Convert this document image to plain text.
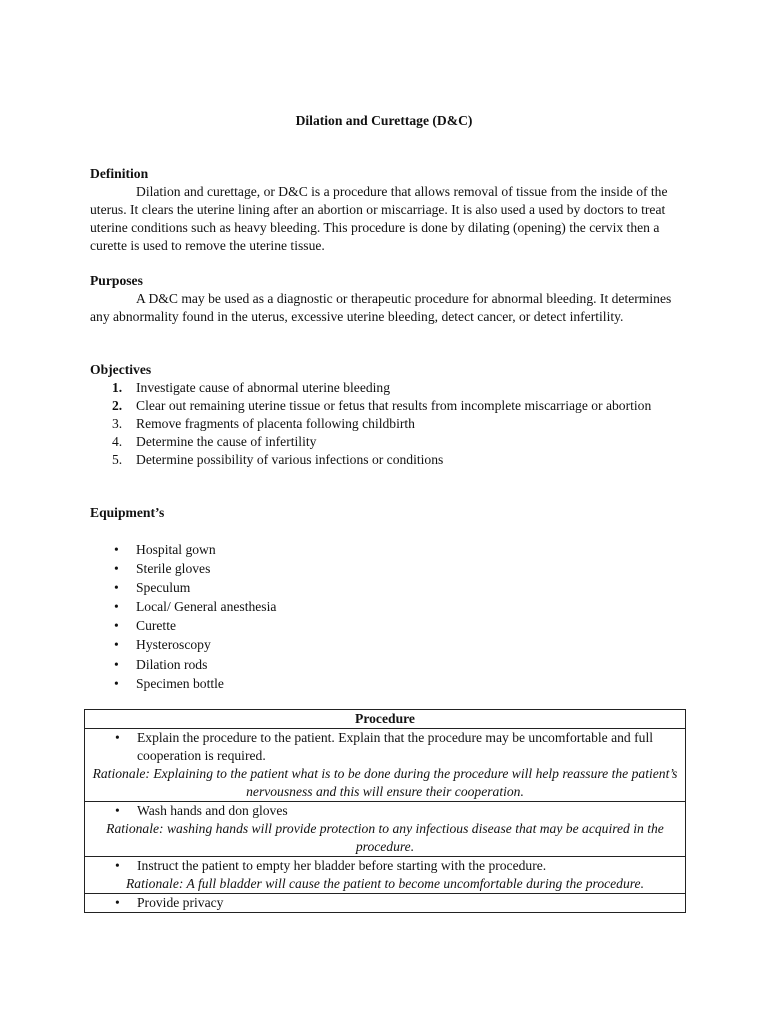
Dilation and Curettage (D&C)

Definition

Dilation and curettage, or D&C is a procedure that allows removal of tissue from the inside of the uterus. It clears the uterine lining after an abortion or miscarriage. It is also used a used by doctors to treat uterine conditions such as heavy bleeding. This procedure is done by dilating (opening) the cervix then a curette is used to remove the uterine tissue.

Purposes

A D&C may be used as a diagnostic or therapeutic procedure for abnormal bleeding. It determines any abnormality found in the uterus, excessive uterine bleeding, detect cancer, or detect infertility.

Objectives

1. Investigate cause of abnormal uterine bleeding
2. Clear out remaining uterine tissue or fetus that results from incomplete miscarriage or abortion
3. Remove fragments of placenta following childbirth
4. Determine the cause of infertility
5. Determine possibility of various infections or conditions

Equipment’s

• Hospital gown
• Sterile gloves
• Speculum
• Local/ General anesthesia
• Curette
• Hysteroscopy
• Dilation rods
• Specimen bottle
Procedure

• Explain the procedure to the patient. Explain that the procedure may be uncomfortable and full cooperation is required.
Rationale: Explaining to the patient what is to be done during the procedure will help reassure the patient’s nervousness and this will ensure their cooperation.

• Wash hands and don gloves
Rationale: washing hands will provide protection to any infectious disease that may be acquired in the procedure.

• Instruct the patient to empty her bladder before starting with the procedure.
Rationale: A full bladder will cause the patient to become uncomfortable during the procedure.

• Provide privacy
